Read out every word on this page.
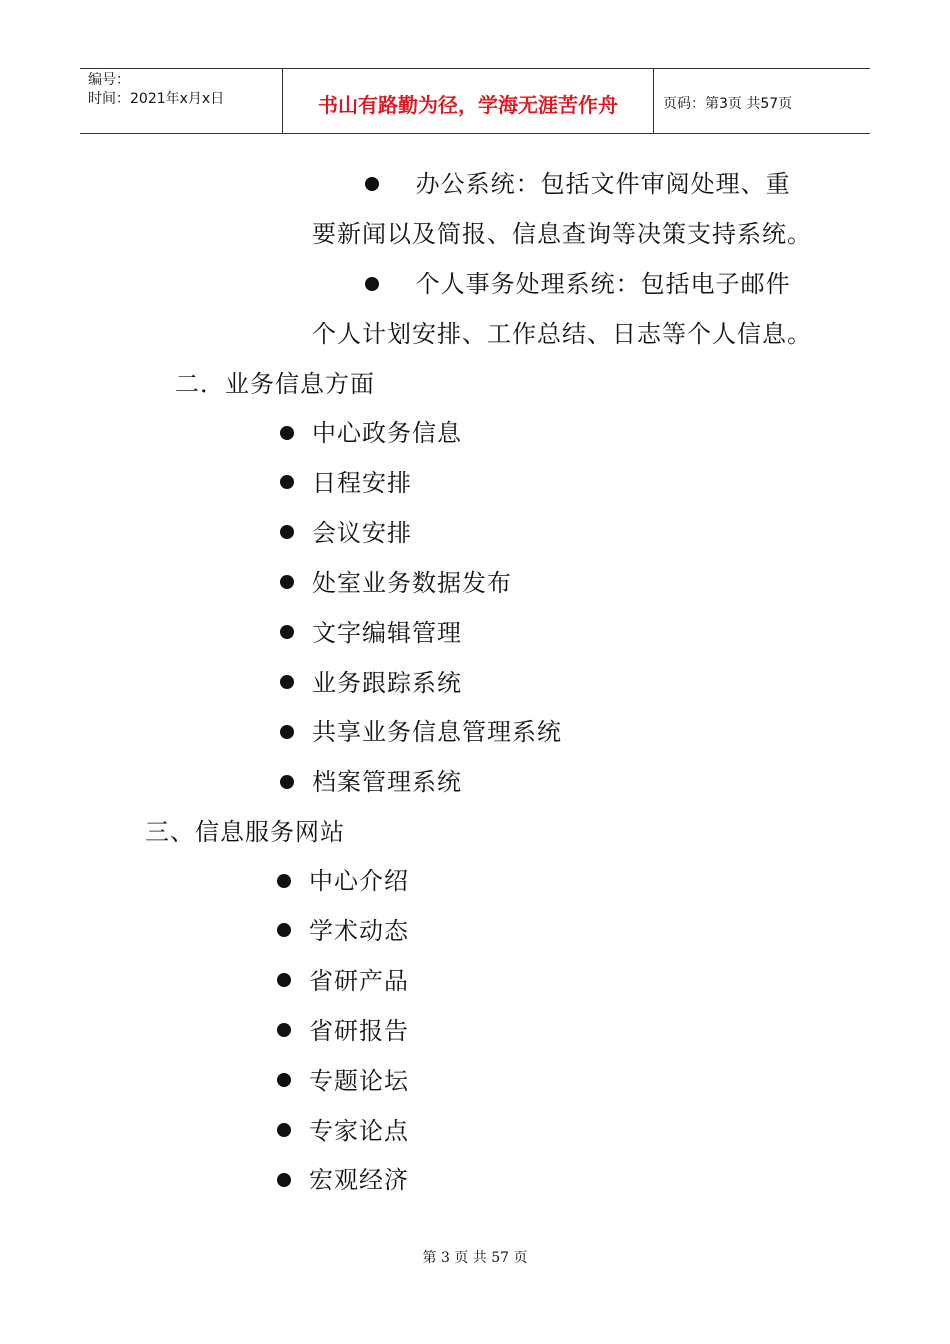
编号：
时间：2021年x月x日	书山有路勤为径，学海无涯苦作舟	页码：第3页 共57页
办公系统：包括文件审阅处理、重
要新闻以及简报、信息查询等决策支持系统。
个人事务处理系统：包括电子邮件
个人计划安排、工作总结、日志等个人信息。
二．业务信息方面
中心政务信息
日程安排
会议安排
处室业务数据发布
文字编辑管理
业务跟踪系统
共享业务信息管理系统
档案管理系统
三、信息服务网站
中心介绍
学术动态
省研产品
省研报告
专题论坛
专家论点
宏观经济
第 3 页 共 57 页
